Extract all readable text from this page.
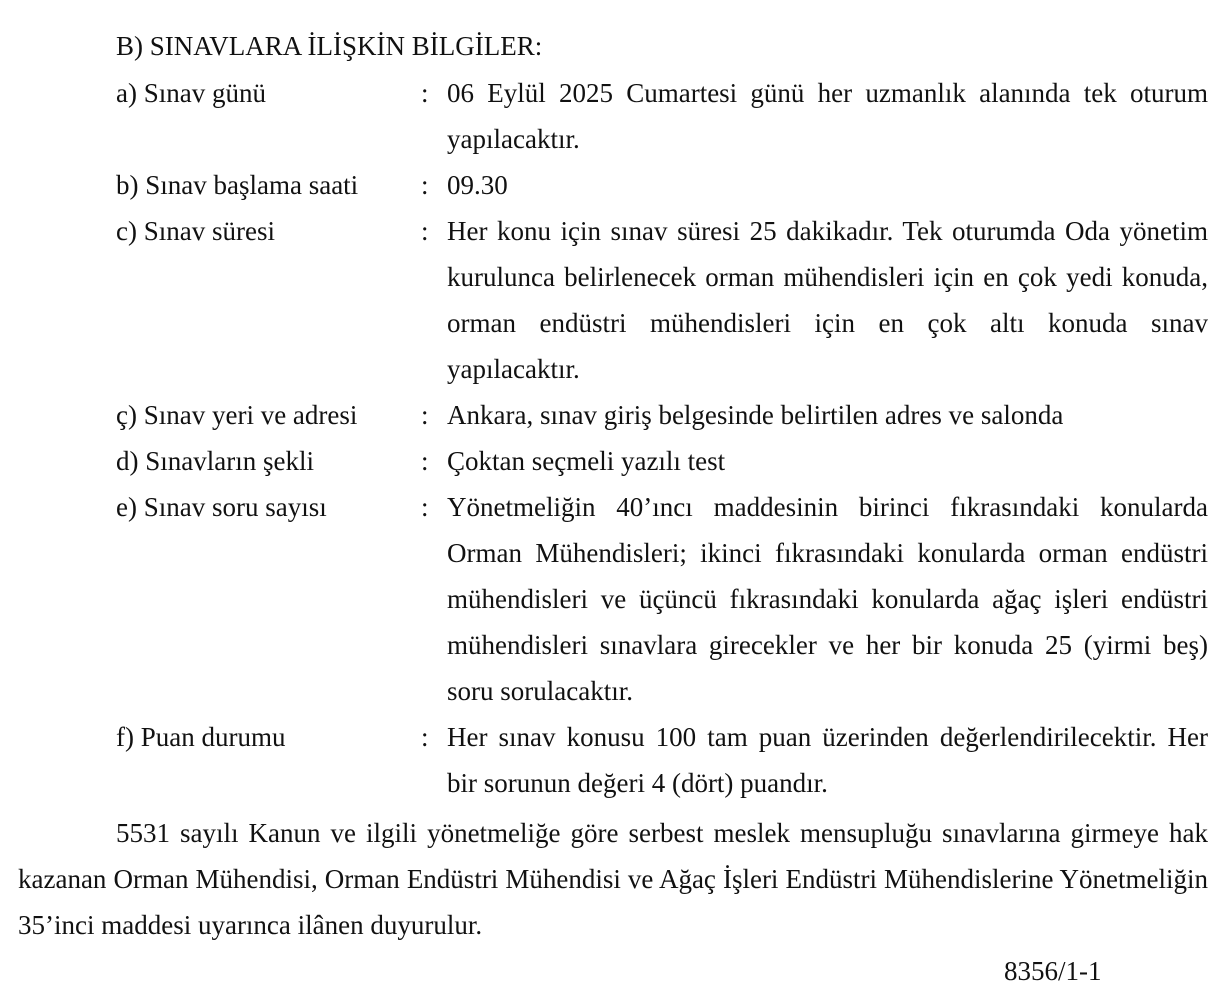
B) SINAVLARA İLİŞKİN BİLGİLER:
a) Sınav günü	: 06 Eylül 2025 Cumartesi günü her uzmanlık alanında tek oturum yapılacaktır.
b) Sınav başlama saati	: 09.30
c) Sınav süresi	: Her konu için sınav süresi 25 dakikadır. Tek oturumda Oda yönetim kurulunca belirlenecek orman mühendisleri için en çok yedi konuda, orman endüstri mühendisleri için en çok altı konuda sınav yapılacaktır.
ç) Sınav yeri ve adresi	: Ankara, sınav giriş belgesinde belirtilen adres ve salonda
d) Sınavların şekli	: Çoktan seçmeli yazılı test
e) Sınav soru sayısı	: Yönetmeliğin 40’ıncı maddesinin birinci fıkrasındaki konularda Orman Mühendisleri; ikinci fıkrasındaki konularda orman endüstri mühendisleri ve üçüncü fıkrasındaki konularda ağaç işleri endüstri mühendisleri sınavlara girecekler ve her bir konuda 25 (yirmi beş) soru sorulacaktır.
f) Puan durumu	: Her sınav konusu 100 tam puan üzerinden değerlendirilecektir. Her bir sorunun değeri 4 (dört) puandır.
5531 sayılı Kanun ve ilgili yönetmeliğe göre serbest meslek mensupluğu sınavlarına girmeye hak kazanan Orman Mühendisi, Orman Endüstri Mühendisi ve Ağaç İşleri Endüstri Mühendislerine Yönetmeliğin 35’inci maddesi uyarınca ilânen duyurulur.
8356/1-1
